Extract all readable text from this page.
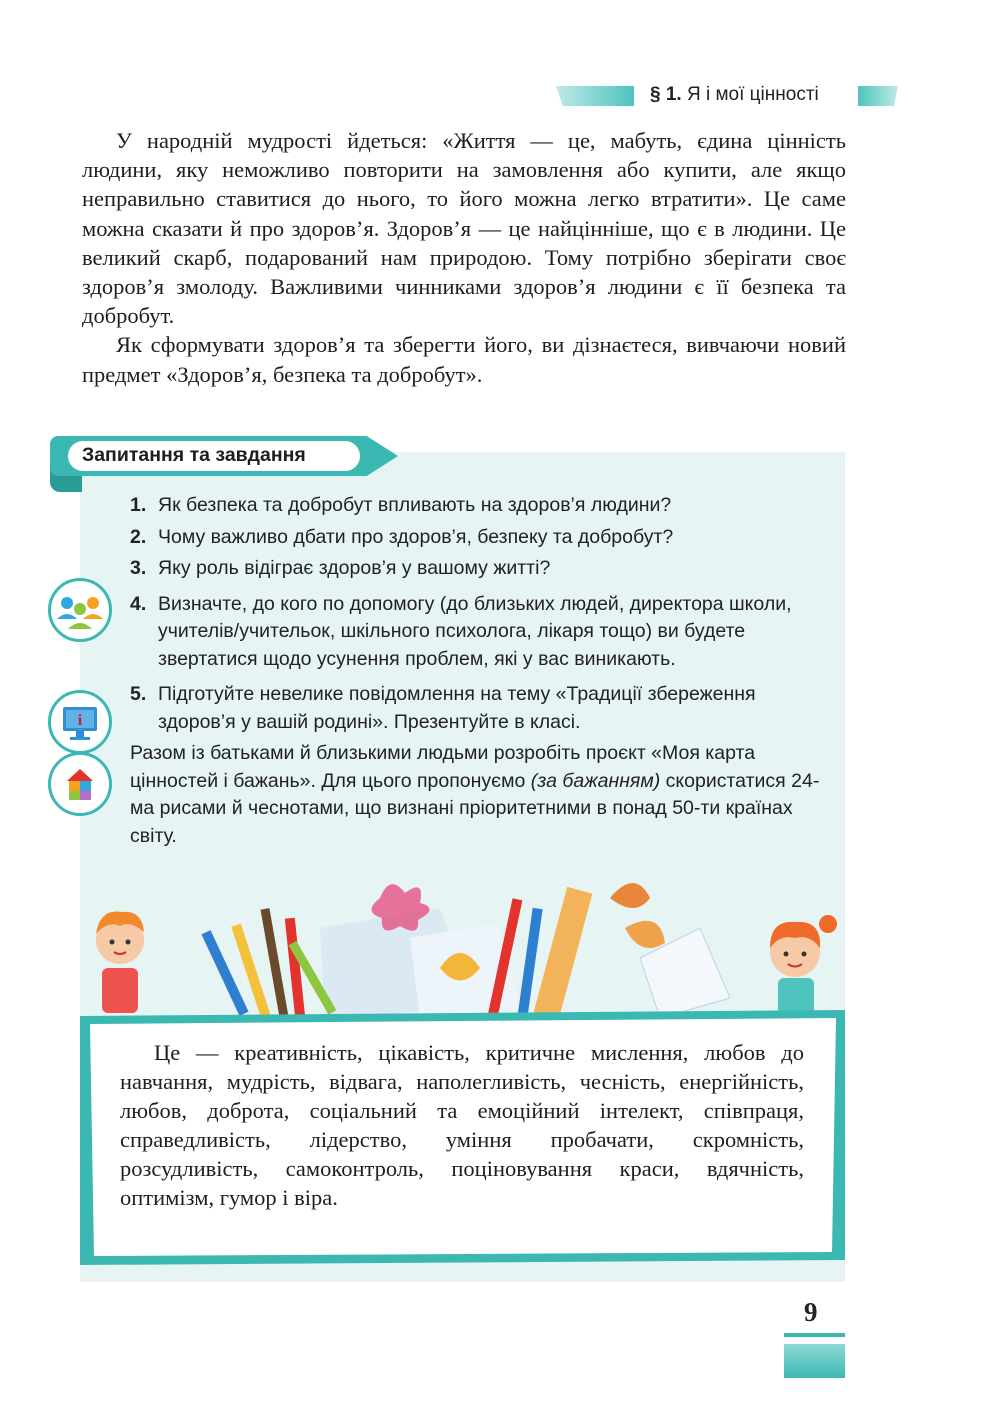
§ 1. Я і мої цінності

У народній мудрості йдеться: «Життя — це, мабуть, єдина цінність людини, яку неможливо повторити на замовлення або купити, але якщо неправильно ставитися до нього, то його можна легко втратити». Це саме можна сказати й про здоров’я. Здоров’я — це найцінніше, що є в людини. Це великий скарб, подарований нам природою. Тому потрібно зберігати своє здоров’я змолоду. Важливими чинниками здоров’я людини є її безпека та добробут.

Як сформувати здоров’я та зберегти його, ви дізнаєтеся, вивчаючи новий предмет «Здоров’я, безпека та добробут».

Запитання та завдання
1. Як безпека та добробут впливають на здоров’я людини?
2. Чому важливо дбати про здоров’я, безпеку та добробут?
3. Яку роль відіграє здоров’я у вашому житті?
4. Визначте, до кого по допомогу (до близьких людей, директора школи, учителів/учительок, шкільного психолога, лікаря тощо) ви будете звертатися щодо усунення проблем, які у вас виникають.
5. Підготуйте невелике повідомлення на тему «Традиції збереження здоров’я у вашій родині». Презентуйте в класі.
Разом із батьками й близькими людьми розробіть проєкт «Моя карта цінностей і бажань». Для цього пропонуємо (за бажанням) скористатися 24-ма рисами й чеснотами, що визнані пріоритетними в понад 50-ти країнах світу.
i

Це — креативність, цікавість, критичне мислення, любов до навчання, мудрість, відвага, наполегливість, чесність, енергійність, любов, доброта, соціальний та емоційний інтелект, співпраця, справедливість, лідерство, уміння пробачати, скромність, розсудливість, самоконтроль, поціновування краси, вдячність, оптимізм, гумор і віра.

9
